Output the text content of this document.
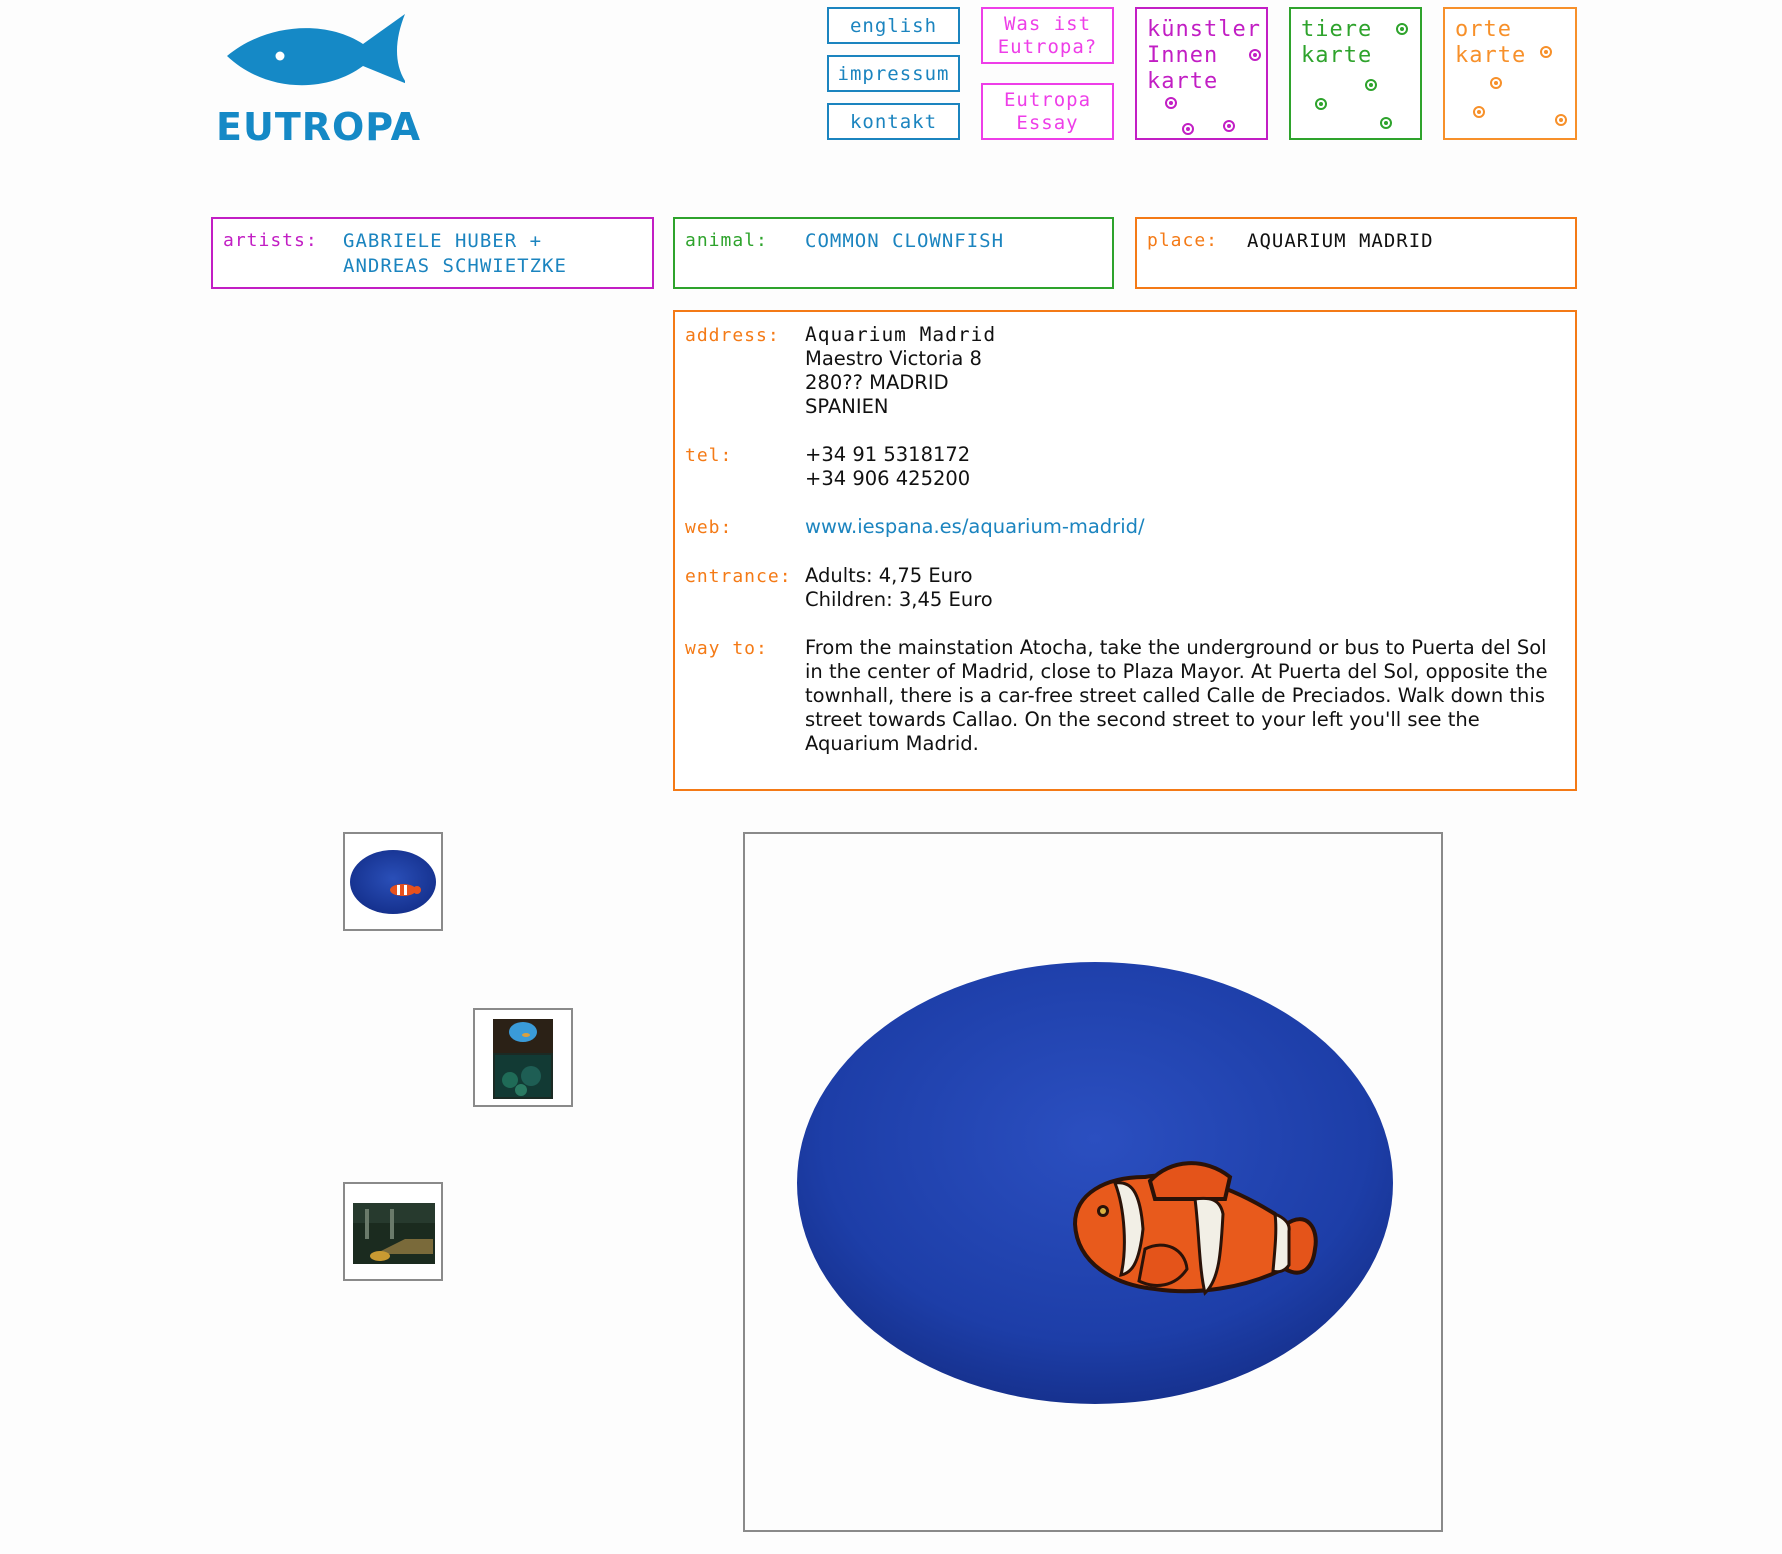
EUTROPA
english
impressum
kontakt
Was ist
Eutropa?
Eutropa
Essay
künstler
Innen
karte
tiere
karte
orte
karte
artists: GABRIELE HUBER +
ANDREAS SCHWIETZKE
animal: COMMON CLOWNFISH	place: AQUARIUM MADRID
address: Aquarium Madrid
Maestro Victoria 8
280?? MADRID
SPANIEN
tel:	+34 91 5318172
+34 906 425200
web:	www.iespana.es/aquarium-madrid/
entrance: Adults: 4,75 Euro
Children: 3,45 Euro
way to: From the mainstation Atocha, take the underground or bus to Puerta del Sol in the center of Madrid, close to Plaza Mayor. At Puerta del Sol, opposite the townhall, there is a car-free street called Calle de Preciados. Walk down this street towards Callao. On the second street to your left you'll see the Aquarium Madrid.
